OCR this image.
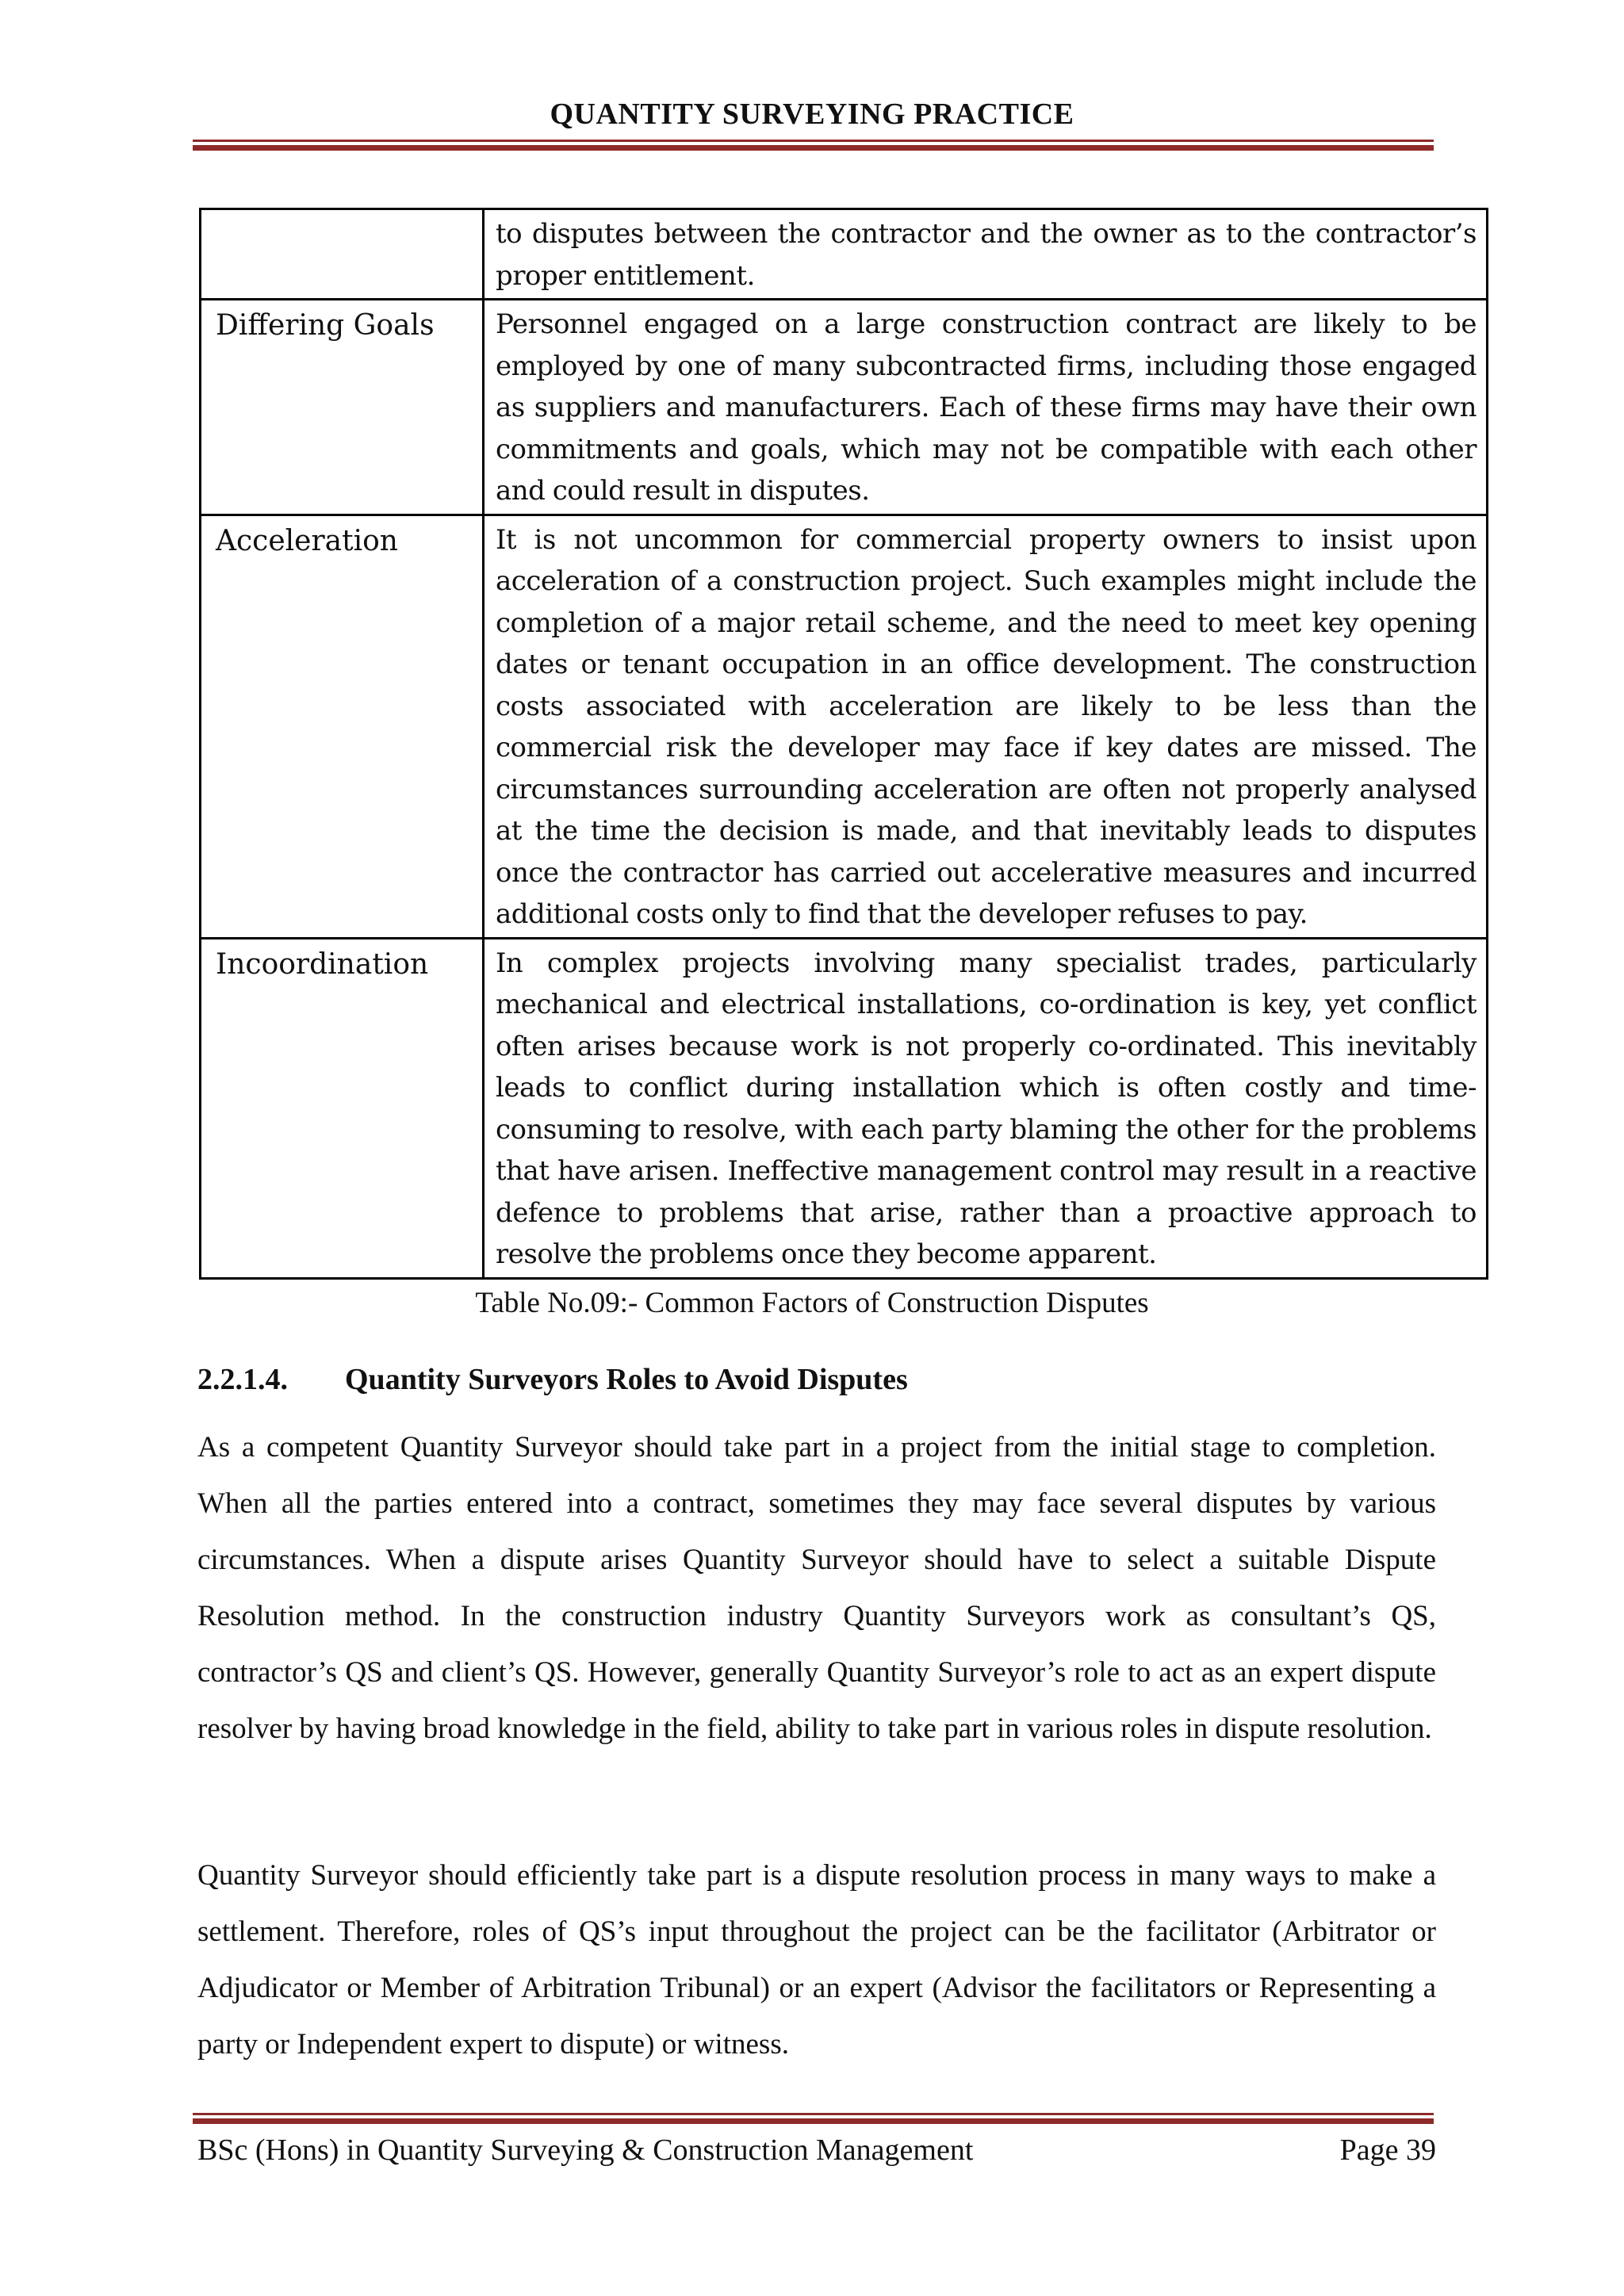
QUANTITY SURVEYING PRACTICE
to disputes between the contractor and the owner as to the contractor’s proper entitlement.
Differing Goals	Personnel engaged on a large construction contract are likely to be employed by one of many subcontracted firms, including those engaged as suppliers and manufacturers. Each of these firms may have their own commitments and goals, which may not be compatible with each other and could result in disputes.
Acceleration	It is not uncommon for commercial property owners to insist upon acceleration of a construction project. Such examples might include the completion of a major retail scheme, and the need to meet key opening dates or tenant occupation in an office development. The construction costs associated with acceleration are likely to be less than the commercial risk the developer may face if key dates are missed. The circumstances surrounding acceleration are often not properly analysed at the time the decision is made, and that inevitably leads to disputes once the contractor has carried out accelerative measures and incurred additional costs only to find that the developer refuses to pay.
Incoordination	In complex projects involving many specialist trades, particularly mechanical and electrical installations, co-ordination is key, yet conflict often arises because work is not properly co-ordinated. This inevitably leads to conflict during installation which is often costly and time-consuming to resolve, with each party blaming the other for the problems that have arisen. Ineffective management control may result in a reactive defence to problems that arise, rather than a proactive approach to resolve the problems once they become apparent.
Table No.09:- Common Factors of Construction Disputes
2.2.1.4. Quantity Surveyors Roles to Avoid Disputes
As a competent Quantity Surveyor should take part in a project from the initial stage to completion. When all the parties entered into a contract, sometimes they may face several disputes by various circumstances. When a dispute arises Quantity Surveyor should have to select a suitable Dispute Resolution method. In the construction industry Quantity Surveyors work as consultant’s QS, contractor’s QS and client’s QS. However, generally Quantity Surveyor’s role to act as an expert dispute resolver by having broad knowledge in the field, ability to take part in various roles in dispute resolution.
Quantity Surveyor should efficiently take part is a dispute resolution process in many ways to make a settlement. Therefore, roles of QS’s input throughout the project can be the facilitator (Arbitrator or Adjudicator or Member of Arbitration Tribunal) or an expert (Advisor the facilitators or Representing a party or Independent expert to dispute) or witness.
BSc (Hons) in Quantity Surveying & Construction Management	Page 39
